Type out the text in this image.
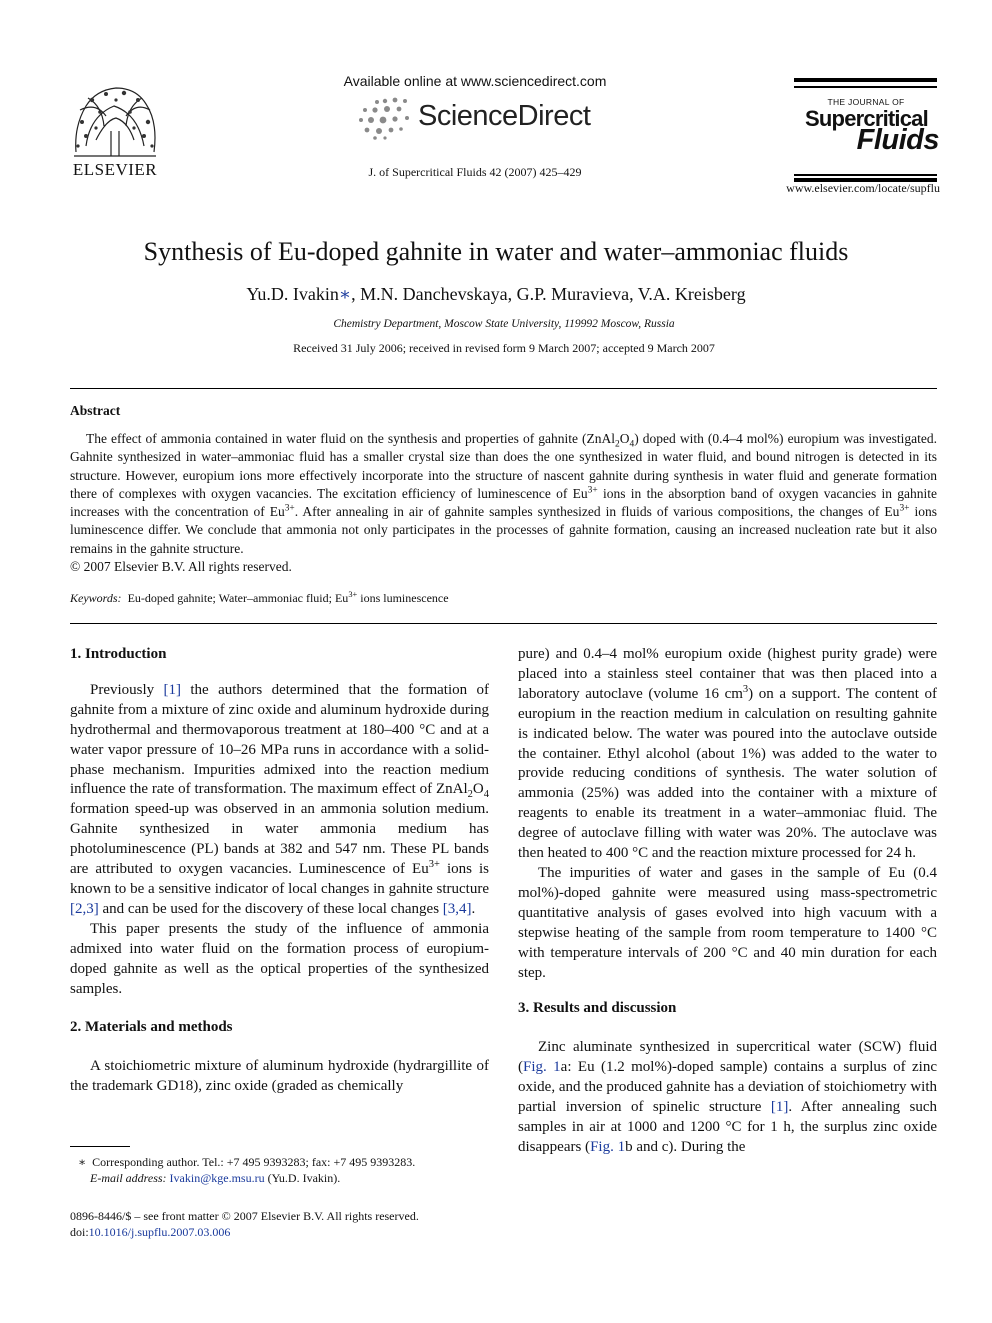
ELSEVIER
Available online at www.sciencedirect.com
ScienceDirect
J. of Supercritical Fluids 42 (2007) 425–429
THE JOURNAL OF
Supercritical
Fluids
www.elsevier.com/locate/supflu
Synthesis of Eu-doped gahnite in water and water–ammoniac fluids
Yu.D. Ivakin∗, M.N. Danchevskaya, G.P. Muravieva, V.A. Kreisberg
Chemistry Department, Moscow State University, 119992 Moscow, Russia
Received 31 July 2006; received in revised form 9 March 2007; accepted 9 March 2007
Abstract

The effect of ammonia contained in water fluid on the synthesis and properties of gahnite $(ZnAl_2O_4)$ doped with (0.4–4 mol%) europium was investigated. Gahnite synthesized in water–ammoniac fluid has a smaller crystal size than does the one synthesized in water fluid, and bound nitrogen is detected in its structure. However, europium ions more effectively incorporate into the structure of nascent gahnite during synthesis in water fluid and generate formation there of complexes with oxygen vacancies. The excitation efficiency of luminescence of $Eu^{3+}$ ions in the absorption band of oxygen vacancies in gahnite increases with the concentration of $Eu^{3+}$. After annealing in air of gahnite samples synthesized in fluids of various compositions, the changes of $Eu^{3+}$ ions luminescence differ. We conclude that ammonia not only participates in the processes of gahnite formation, causing an increased nucleation rate but it also remains in the gahnite structure.

© 2007 Elsevier B.V. All rights reserved.
Keywords: Eu-doped gahnite; Water–ammoniac fluid; $Eu^{3+}$ ions luminescence
1. Introduction

Previously [1] the authors determined that the formation of gahnite from a mixture of zinc oxide and aluminum hydroxide during hydrothermal and thermovaporous treatment at 180–400 °C and at a water vapor pressure of 10–26 MPa runs in accordance with a solid-phase mechanism. Impurities admixed into the reaction medium influence the rate of transformation. The maximum effect of $ZnAl_2O_4$ formation speed-up was observed in an ammonia solution medium. Gahnite synthesized in water ammonia medium has photoluminescence (PL) bands at 382 and 547 nm. These PL bands are attributed to oxygen vacancies. Luminescence of $Eu^{3+}$ ions is known to be a sensitive indicator of local changes in gahnite structure [2,3] and can be used for the discovery of these local changes [3,4].

This paper presents the study of the influence of ammonia admixed into water fluid on the formation process of europium-doped gahnite as well as the optical properties of the synthesized samples.

2. Materials and methods

A stoichiometric mixture of aluminum hydroxide (hydrargillite of the trademark GD18), zinc oxide (graded as chemically

∗ Corresponding author. Tel.: +7 495 9393283; fax: +7 495 9393283.
E-mail address: Ivakin@kge.msu.ru (Yu.D. Ivakin).
0896-8446/$ – see front matter © 2007 Elsevier B.V. All rights reserved.
doi:10.1016/j.supflu.2007.03.006

pure) and 0.4–4 mol% europium oxide (highest purity grade) were placed into a stainless steel container that was then placed into a laboratory autoclave (volume 16 $cm^3$) on a support. The content of europium in the reaction medium in calculation on resulting gahnite is indicated below. The water was poured into the autoclave outside the container. Ethyl alcohol (about 1%) was added to the water to provide reducing conditions of synthesis. The water solution of ammonia (25%) was added into the container with a mixture of reagents to enable its treatment in a water–ammoniac fluid. The degree of autoclave filling with water was 20%. The autoclave was then heated to 400 °C and the reaction mixture processed for 24 h.

The impurities of water and gases in the sample of Eu (0.4 mol%)-doped gahnite were measured using mass-spectrometric quantitative analysis of gases evolved into high vacuum with a stepwise heating of the sample from room temperature to 1400 °C with temperature intervals of 200 °C and 40 min duration for each step.

3. Results and discussion

Zinc aluminate synthesized in supercritical water (SCW) fluid (Fig. 1a: Eu (1.2 mol%)-doped sample) contains a surplus of zinc oxide, and the produced gahnite has a deviation of stoichiometry with partial inversion of spinelic structure [1]. After annealing such samples in air at 1000 and 1200 °C for 1 h, the surplus zinc oxide disappears (Fig. 1b and c). During the
